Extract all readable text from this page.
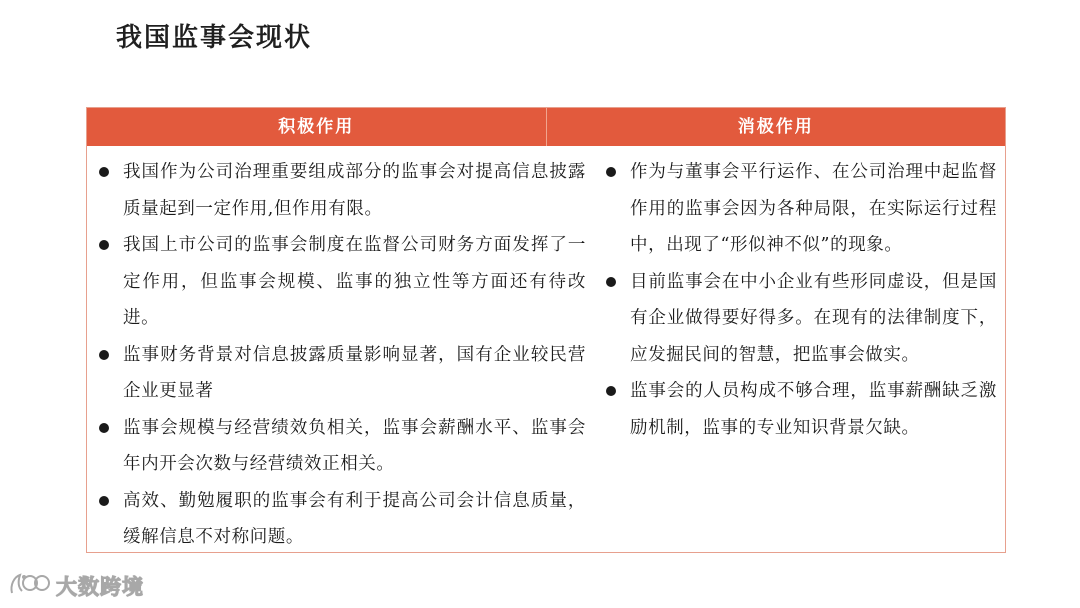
我国监事会现状
积极作用	消极作用
我国作为公司治理重要组成部分的监事会对提高信息披露质量起到一定作用,但作用有限。
我国上市公司的监事会制度在监督公司财务方面发挥了一定作用，但监事会规模、监事的独立性等方面还有待改进。
监事财务背景对信息披露质量影响显著，国有企业较民营企业更显著
监事会规模与经营绩效负相关，监事会薪酬水平、监事会年内开会次数与经营绩效正相关。
高效、勤勉履职的监事会有利于提高公司会计信息质量，缓解信息不对称问题。
作为与董事会平行运作、在公司治理中起监督作用的监事会因为各种局限，在实际运行过程中，出现了“形似神不似”的现象。
目前监事会在中小企业有些形同虚设，但是国有企业做得要好得多。在现有的法律制度下，应发掘民间的智慧，把监事会做实。
监事会的人员构成不够合理，监事薪酬缺乏激励机制，监事的专业知识背景欠缺。
大数跨境
